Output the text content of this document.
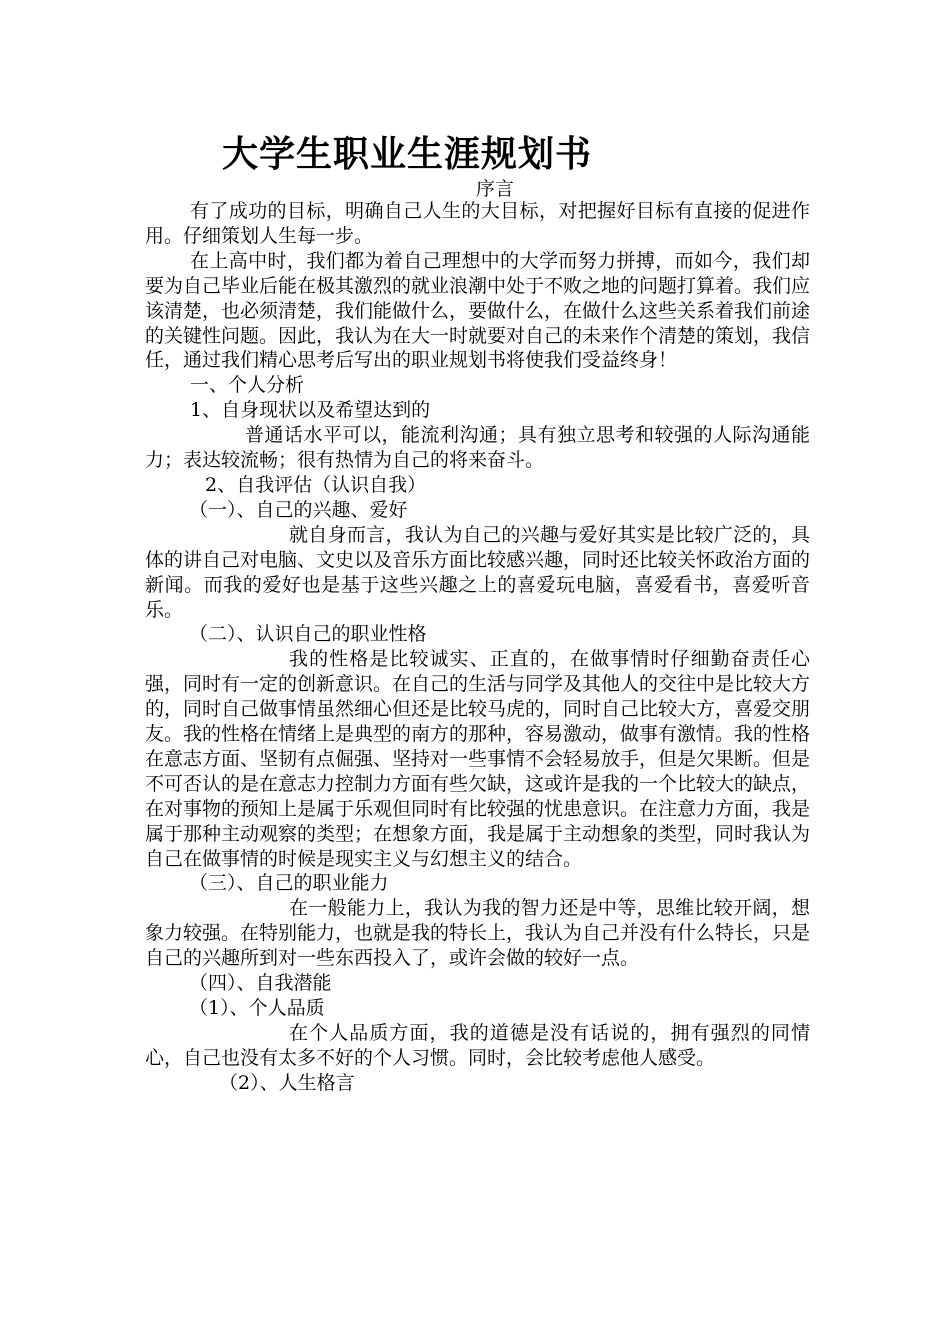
大学生职业生涯规划书
序言

有了成功的目标，明确自己人生的大目标，对把握好目标有直接的促进作用。仔细策划人生每一步。

在上高中时，我们都为着自己理想中的大学而努力拼搏，而如今，我们却要为自己毕业后能在极其激烈的就业浪潮中处于不败之地的问题打算着。我们应该清楚，也必须清楚，我们能做什么，要做什么，在做什么这些关系着我们前途的关键性问题。因此，我认为在大一时就要对自己的未来作个清楚的策划，我信任，通过我们精心思考后写出的职业规划书将使我们受益终身！

一、个人分析

1、自身现状以及希望达到的

普通话水平可以，能流利沟通；具有独立思考和较强的人际沟通能力；表达较流畅；很有热情为自己的将来奋斗。

2、自我评估（认识自我）

（一）、自己的兴趣、爱好

就自身而言，我认为自己的兴趣与爱好其实是比较广泛的，具体的讲自己对电脑、文史以及音乐方面比较感兴趣，同时还比较关怀政治方面的新闻。而我的爱好也是基于这些兴趣之上的喜爱玩电脑，喜爱看书，喜爱听音乐。

（二）、认识自己的职业性格

我的性格是比较诚实、正直的，在做事情时仔细勤奋责任心强，同时有一定的创新意识。在自己的生活与同学及其他人的交往中是比较大方的，同时自己做事情虽然细心但还是比较马虎的，同时自己比较大方，喜爱交朋友。我的性格在情绪上是典型的南方的那种，容易激动，做事有激情。我的性格在意志方面、坚韧有点倔强、坚持对一些事情不会轻易放手，但是欠果断。但是不可否认的是在意志力控制力方面有些欠缺，这或许是我的一个比较大的缺点，在对事物的预知上是属于乐观但同时有比较强的忧患意识。在注意力方面，我是属于那种主动观察的类型；在想象方面，我是属于主动想象的类型，同时我认为自己在做事情的时候是现实主义与幻想主义的结合。

（三）、自己的职业能力

在一般能力上，我认为我的智力还是中等，思维比较开阔，想象力较强。在特别能力，也就是我的特长上，我认为自己并没有什么特长，只是自己的兴趣所到对一些东西投入了，或许会做的较好一点。

（四）、自我潜能

（1）、个人品质

在个人品质方面，我的道德是没有话说的，拥有强烈的同情心，自己也没有太多不好的个人习惯。同时，会比较考虑他人感受。

（2）、人生格言
